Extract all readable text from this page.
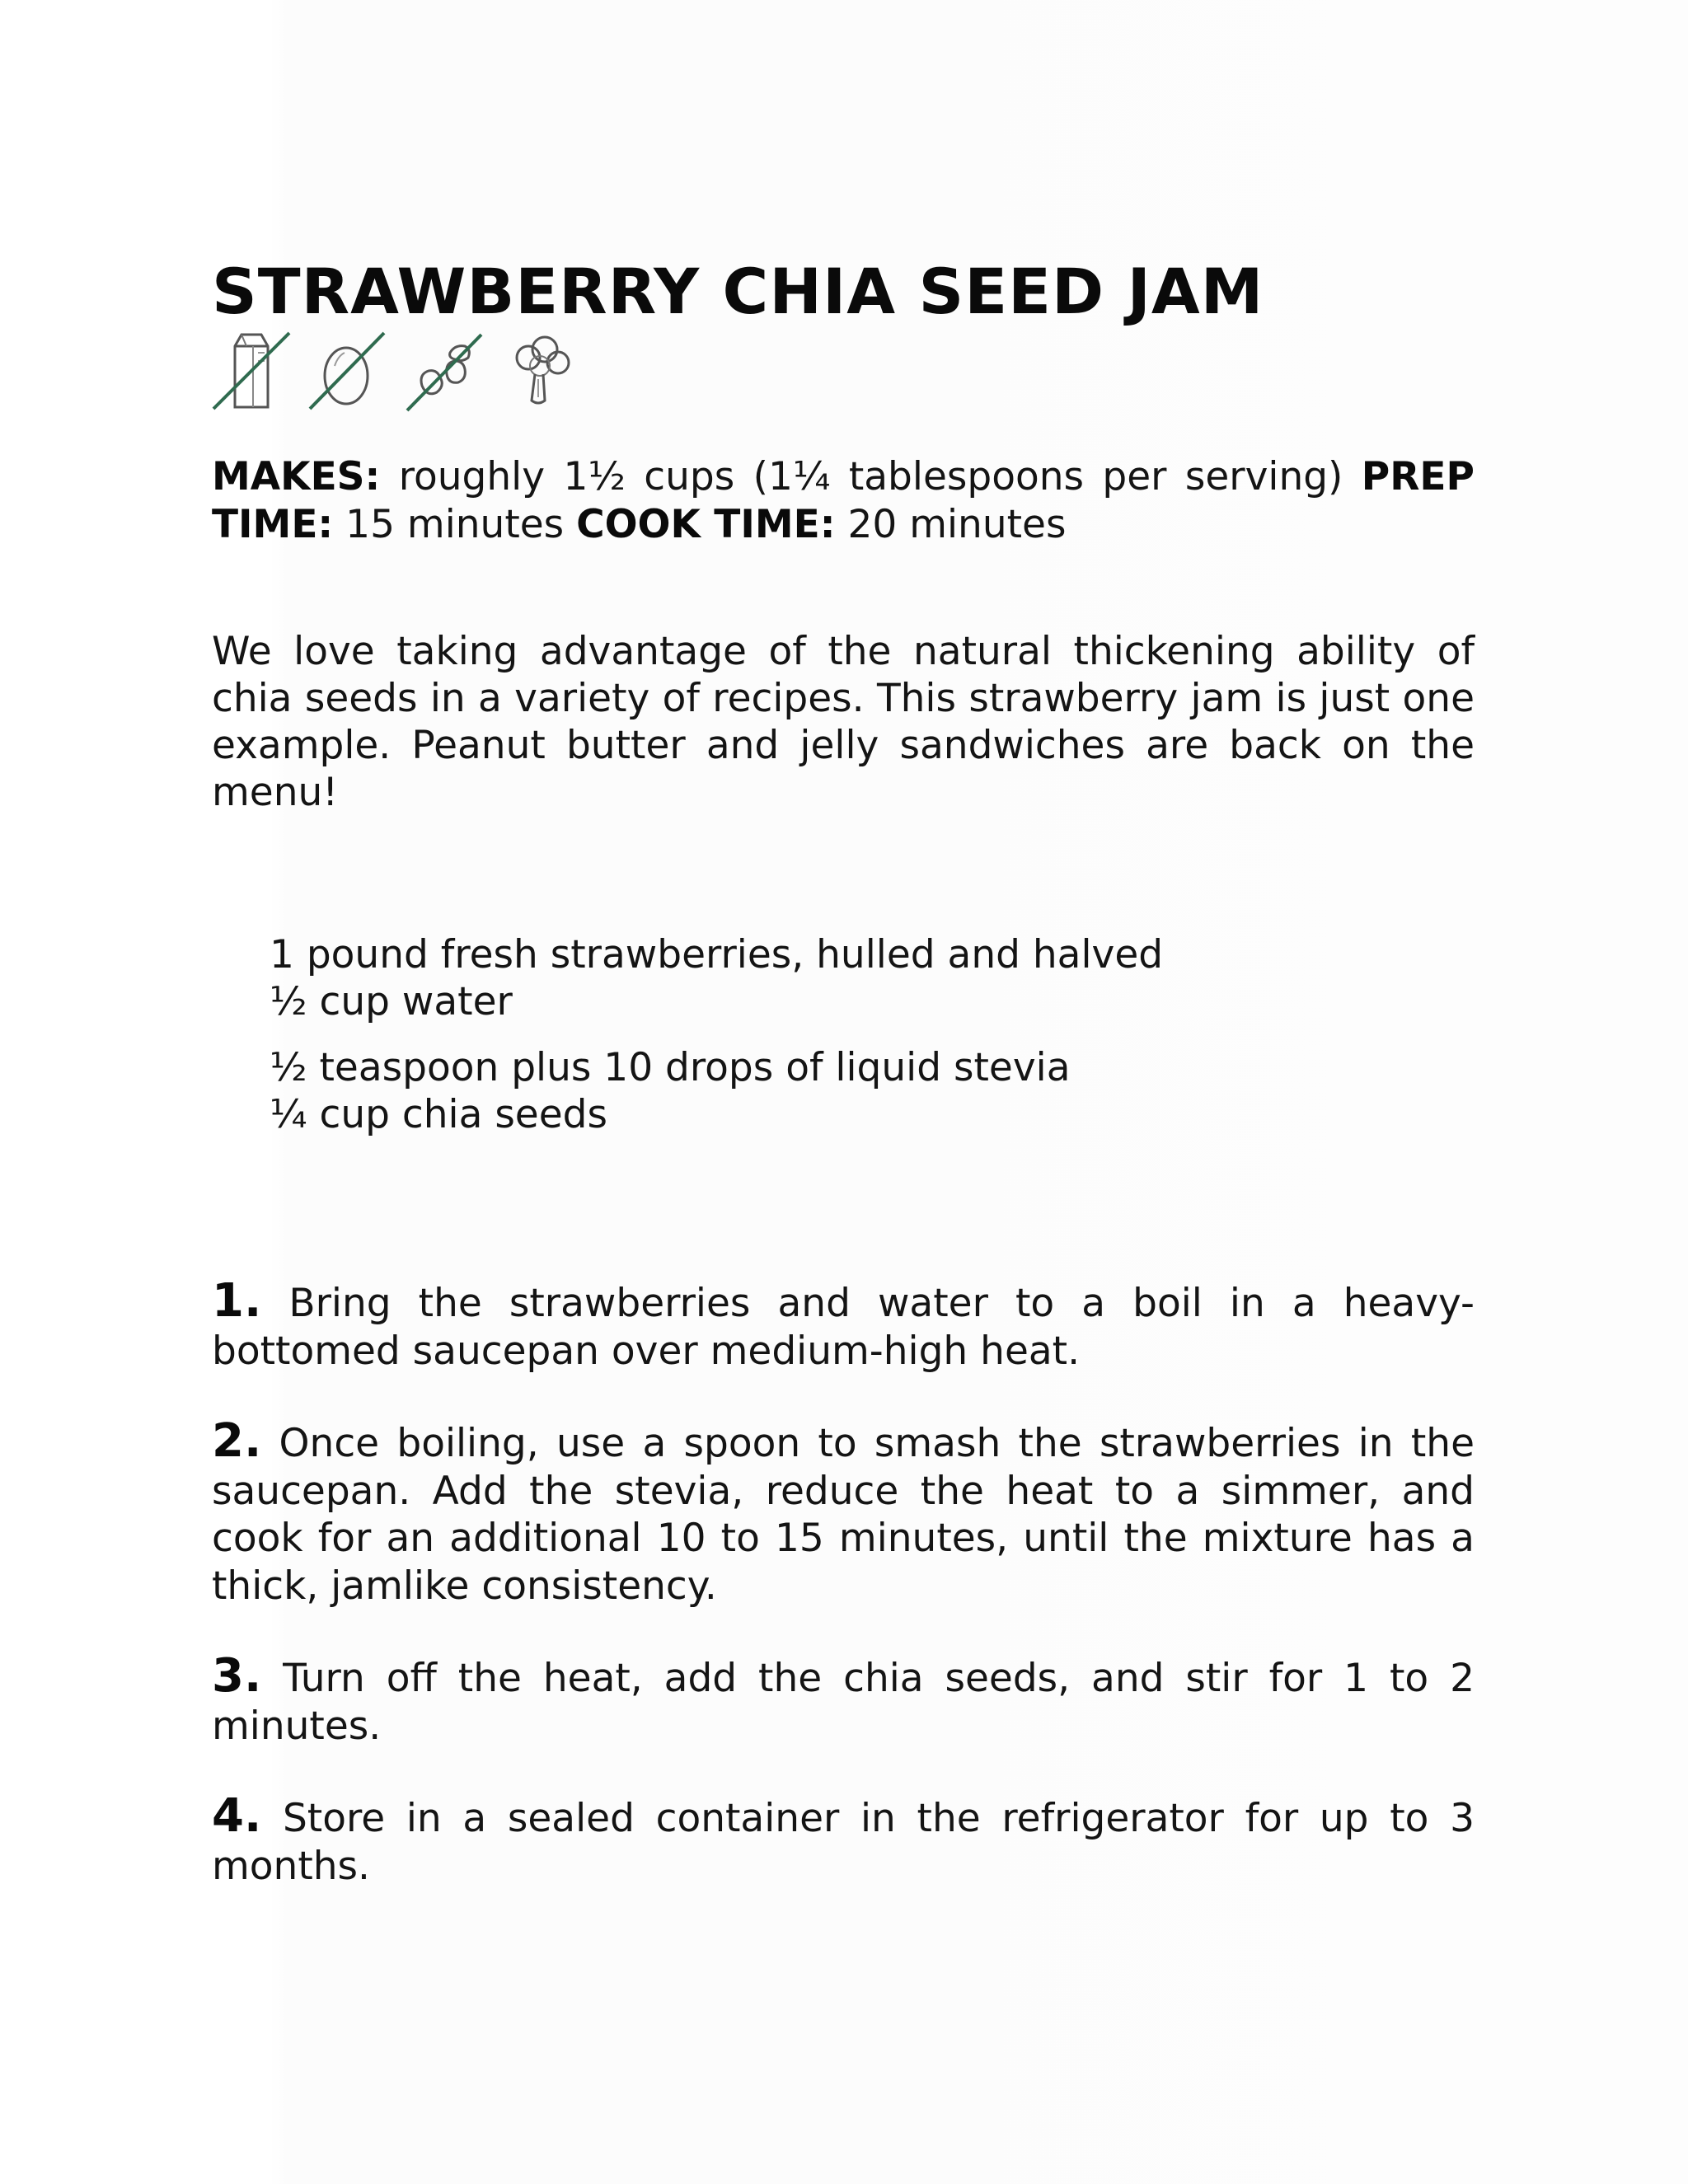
STRAWBERRY CHIA SEED JAM

MAKES: roughly 1½ cups (1¼ tablespoons per serving) PREP TIME: 15 minutes COOK TIME: 20 minutes

We love taking advantage of the natural thickening ability of chia seeds in a variety of recipes. This strawberry jam is just one example. Peanut butter and jelly sandwiches are back on the menu!

1 pound fresh strawberries, hulled and halved
½ cup water
½ teaspoon plus 10 drops of liquid stevia
¼ cup chia seeds
1. Bring the strawberries and water to a boil in a heavy-bottomed saucepan over medium-high heat.
2. Once boiling, use a spoon to smash the strawberries in the saucepan. Add the stevia, reduce the heat to a simmer, and cook for an additional 10 to 15 minutes, until the mixture has a thick, jamlike consistency.
3. Turn off the heat, add the chia seeds, and stir for 1 to 2 minutes.
4. Store in a sealed container in the refrigerator for up to 3 months.
